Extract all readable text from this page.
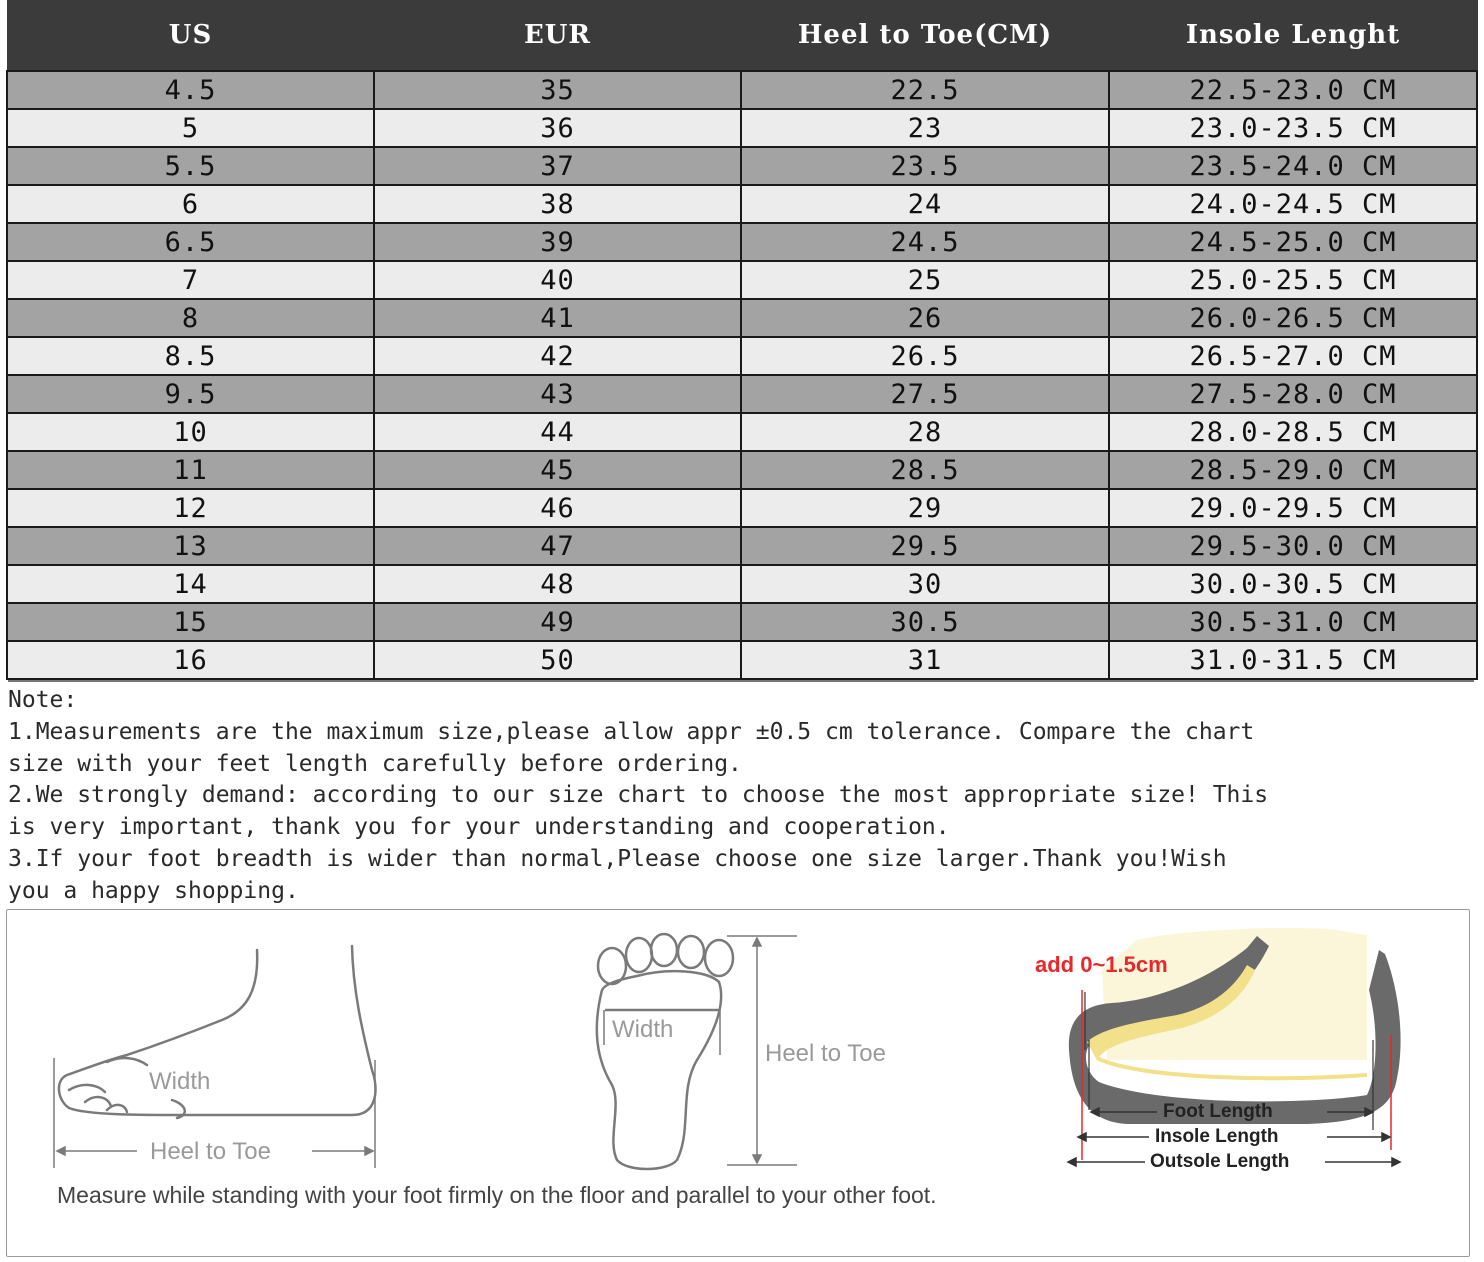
US	EUR	Heel to Toe(CM)	Insole Lenght
4.5	35	22.5	22.5-23.0 CM
5	36	23	23.0-23.5 CM
5.5	37	23.5	23.5-24.0 CM
6	38	24	24.0-24.5 CM
6.5	39	24.5	24.5-25.0 CM
7	40	25	25.0-25.5 CM
8	41	26	26.0-26.5 CM
8.5	42	26.5	26.5-27.0 CM
9.5	43	27.5	27.5-28.0 CM
10	44	28	28.0-28.5 CM
11	45	28.5	28.5-29.0 CM
12	46	29	29.0-29.5 CM
13	47	29.5	29.5-30.0 CM
14	48	30	30.0-30.5 CM
15	49	30.5	30.5-31.0 CM
16	50	31	31.0-31.5 CM

Note:

1.Measurements are the maximum size,please allow appr ±0.5 cm tolerance. Compare the chart

size with your feet length carefully before ordering.

2.We strongly demand: according to our size chart to choose the most appropriate size! This

is very important, thank you for your understanding and cooperation.

3.If your foot breadth is wider than normal,Please choose one size larger.Thank you!Wish

you a happy shopping.

Width
Heel to Toe
Width
Heel to Toe
add 0~1.5cm
Foot Length
Insole Length
Outsole Length
Measure while standing with your foot firmly on the floor and parallel to your other foot.
